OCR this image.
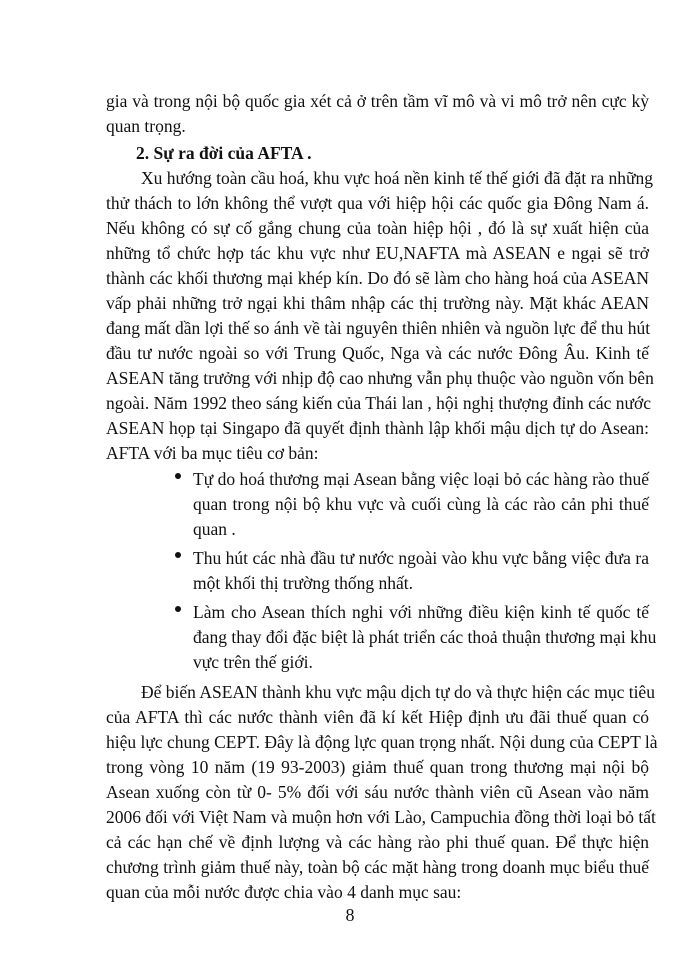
gia và trong nội bộ quốc gia xét cả ở trên tầm vĩ mô và vi mô trở nên cực kỳ
quan trọng.
2. Sự ra đời của AFTA .
Xu hướng toàn cầu hoá, khu vực hoá nền kinh tế thế giới đã đặt ra những
thử thách to lớn không thể vượt qua với hiệp hội các quốc gia Đông Nam á.
Nếu không có sự cố gắng chung của toàn hiệp hội , đó là sự xuất hiện của
những tổ chức hợp tác khu vực như EU,NAFTA mà ASEAN e ngại sẽ trở
thành các khối thương mại khép kín. Do đó sẽ làm cho hàng hoá của ASEAN
vấp phải những trở ngại khi thâm nhập các thị trường này. Mặt khác AEAN
đang mất dần lợi thế so ánh về tài nguyên thiên nhiên và nguồn lực để thu hút
đầu tư nước ngoài so với Trung Quốc, Nga và các nước Đông Âu. Kinh tế
ASEAN tăng trưởng với nhịp độ cao nhưng vẫn phụ thuộc vào nguồn vốn bên
ngoài. Năm 1992 theo sáng kiến của Thái lan , hội nghị thượng đỉnh các nước
ASEAN họp tại Singapo đã quyết định thành lập khối mậu dịch tự do Asean:
AFTA với ba mục tiêu cơ bản:
Tự do hoá thương mại Asean bằng việc loại bỏ các hàng rào thuế
quan trong nội bộ khu vực và cuối cùng là các rào cản phi thuế
quan .
Thu hút các nhà đầu tư nước ngoài vào khu vực bằng việc đưa ra
một khối thị trường thống nhất.
Làm cho Asean thích nghi với những điều kiện kinh tế quốc tế
đang thay đổi đặc biệt là phát triển các thoả thuận thương mại khu
vực trên thế giới.
Để biến ASEAN thành khu vực mậu dịch tự do và thực hiện các mục tiêu
của AFTA thì các nước thành viên đã kí kết Hiệp định ưu đãi thuế quan có
hiệu lực chung CEPT. Đây là động lực quan trọng nhất. Nội dung của CEPT là
trong vòng 10 năm (19 93-2003) giảm thuế quan trong thương mại nội bộ
Asean xuống còn từ 0- 5% đối với sáu nước thành viên cũ Asean vào năm
2006 đối với Việt Nam và muộn hơn với Lào, Campuchia đồng thời loại bỏ tất
cả các hạn chế về định lượng và các hàng rào phi thuế quan. Để thực hiện
chương trình giảm thuế này, toàn bộ các mặt hàng trong doanh mục biểu thuế
quan của mỗi nước được chia vào 4 danh mục sau:
8
